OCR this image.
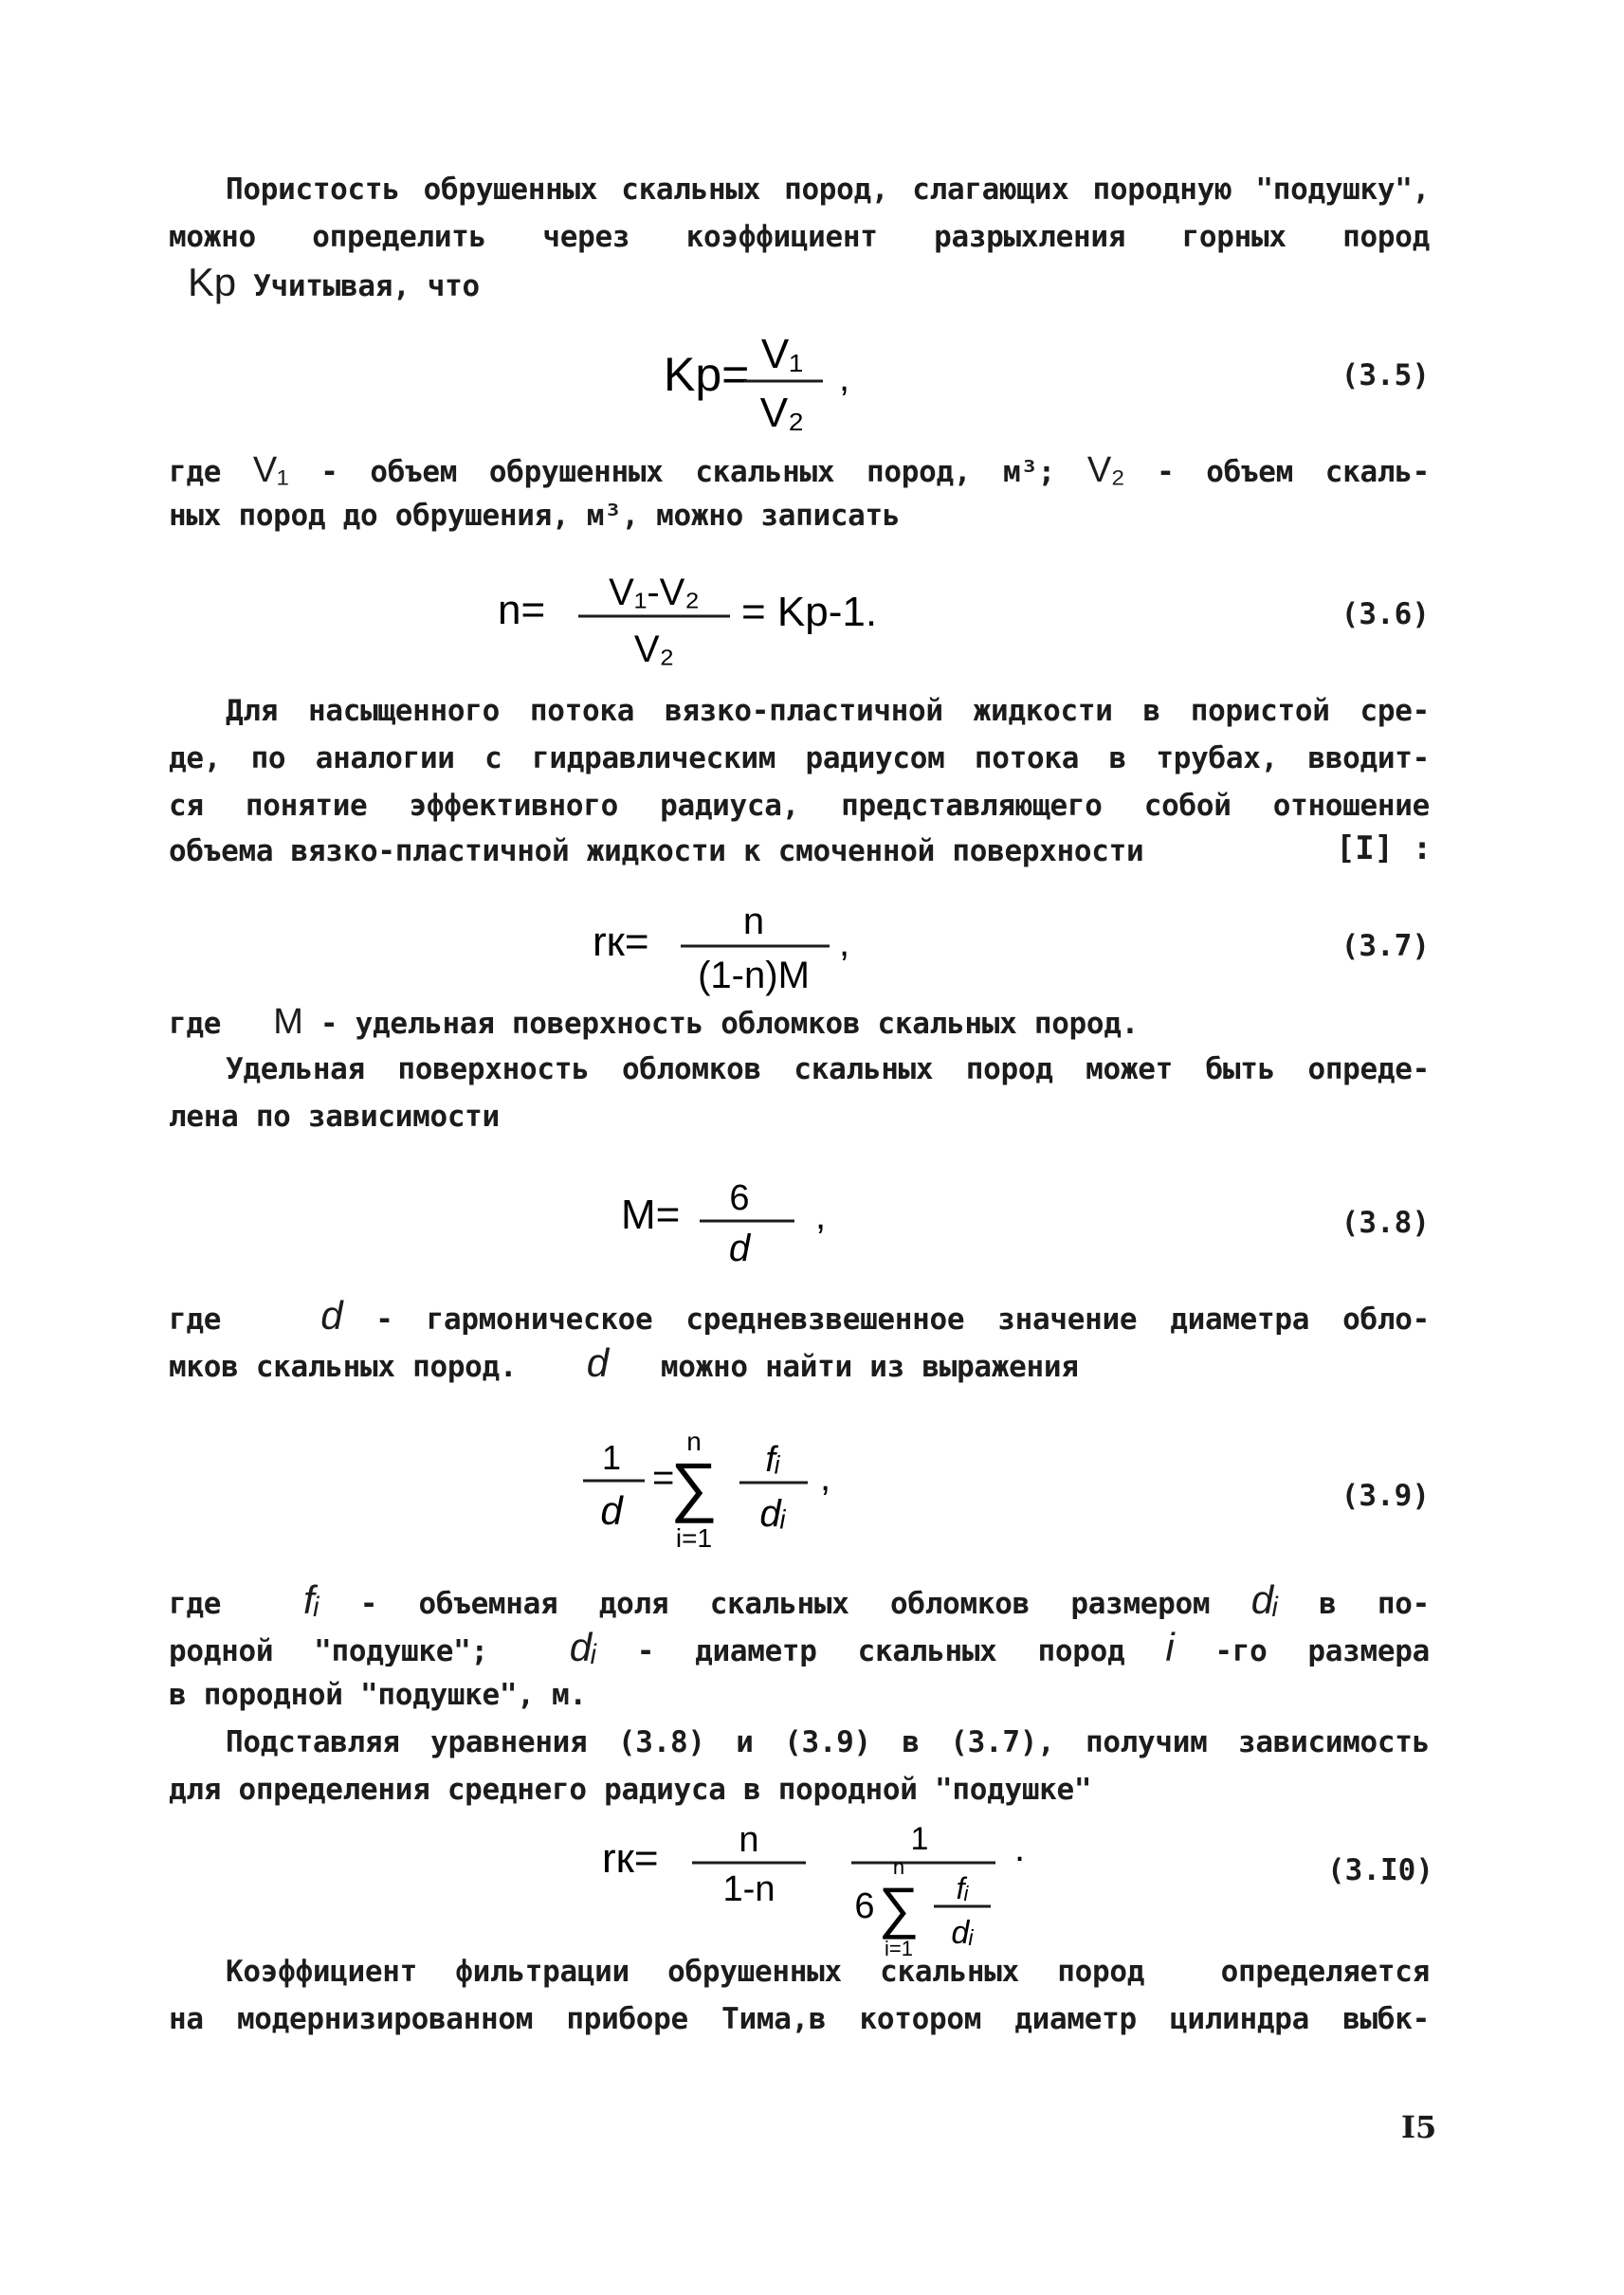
Пористость обрушенных скальных пород, слагающих породную "подушку",
можно определить через коэффициент разрыхления горных пород
Kр Учитывая, что
Kр= V₁
V₂
,	(3.5)
где V₁ - объем обрушенных скальных пород, м³; V₂ - объем скаль-
ных пород до обрушения, м³, можно записать
n= V₁-V₂
V₂
= Kр-1.	(3.6)
Для насыщенного потока вязко-пластичной жидкости в пористой сре-
де, по аналогии с гидравлическим радиусом потока в трубах, вводит-
ся понятие эффективного радиуса, представляющего собой отношение
объема вязко-пластичной жидкости к смоченной поверхности	[I] :
rк= n
(1-n)M
,	(3.7)
где M - удельная поверхность обломков скальных пород.
Удельная поверхность обломков скальных пород может быть опреде-
лена по зависимости
M= 6
d
,	(3.8)
где   d - гармоническое средневзвешенное значение диаметра обло-
мков скальных пород.    d можно найти из выражения
1
d
=
n
∑
i=1
fᵢ
dᵢ
,	(3.9)
где  fᵢ - объемная доля скальных обломков размером dᵢ в по-
родной "подушке";  dᵢ - диаметр скальных пород i -го размера
в породной "подушке", м.
Подставляя уравнения (3.8) и (3.9) в (3.7), получим зависимость
для определения среднего радиуса в породной "подушке"
rк= n
1-n
1
6
n
∑
i=1
fᵢ
dᵢ
.
(3.I0)
Коэффициент фильтрации обрушенных скальных пород  определяется
на модернизированном приборе Тима,в котором диаметр цилиндра выбк-
I5
